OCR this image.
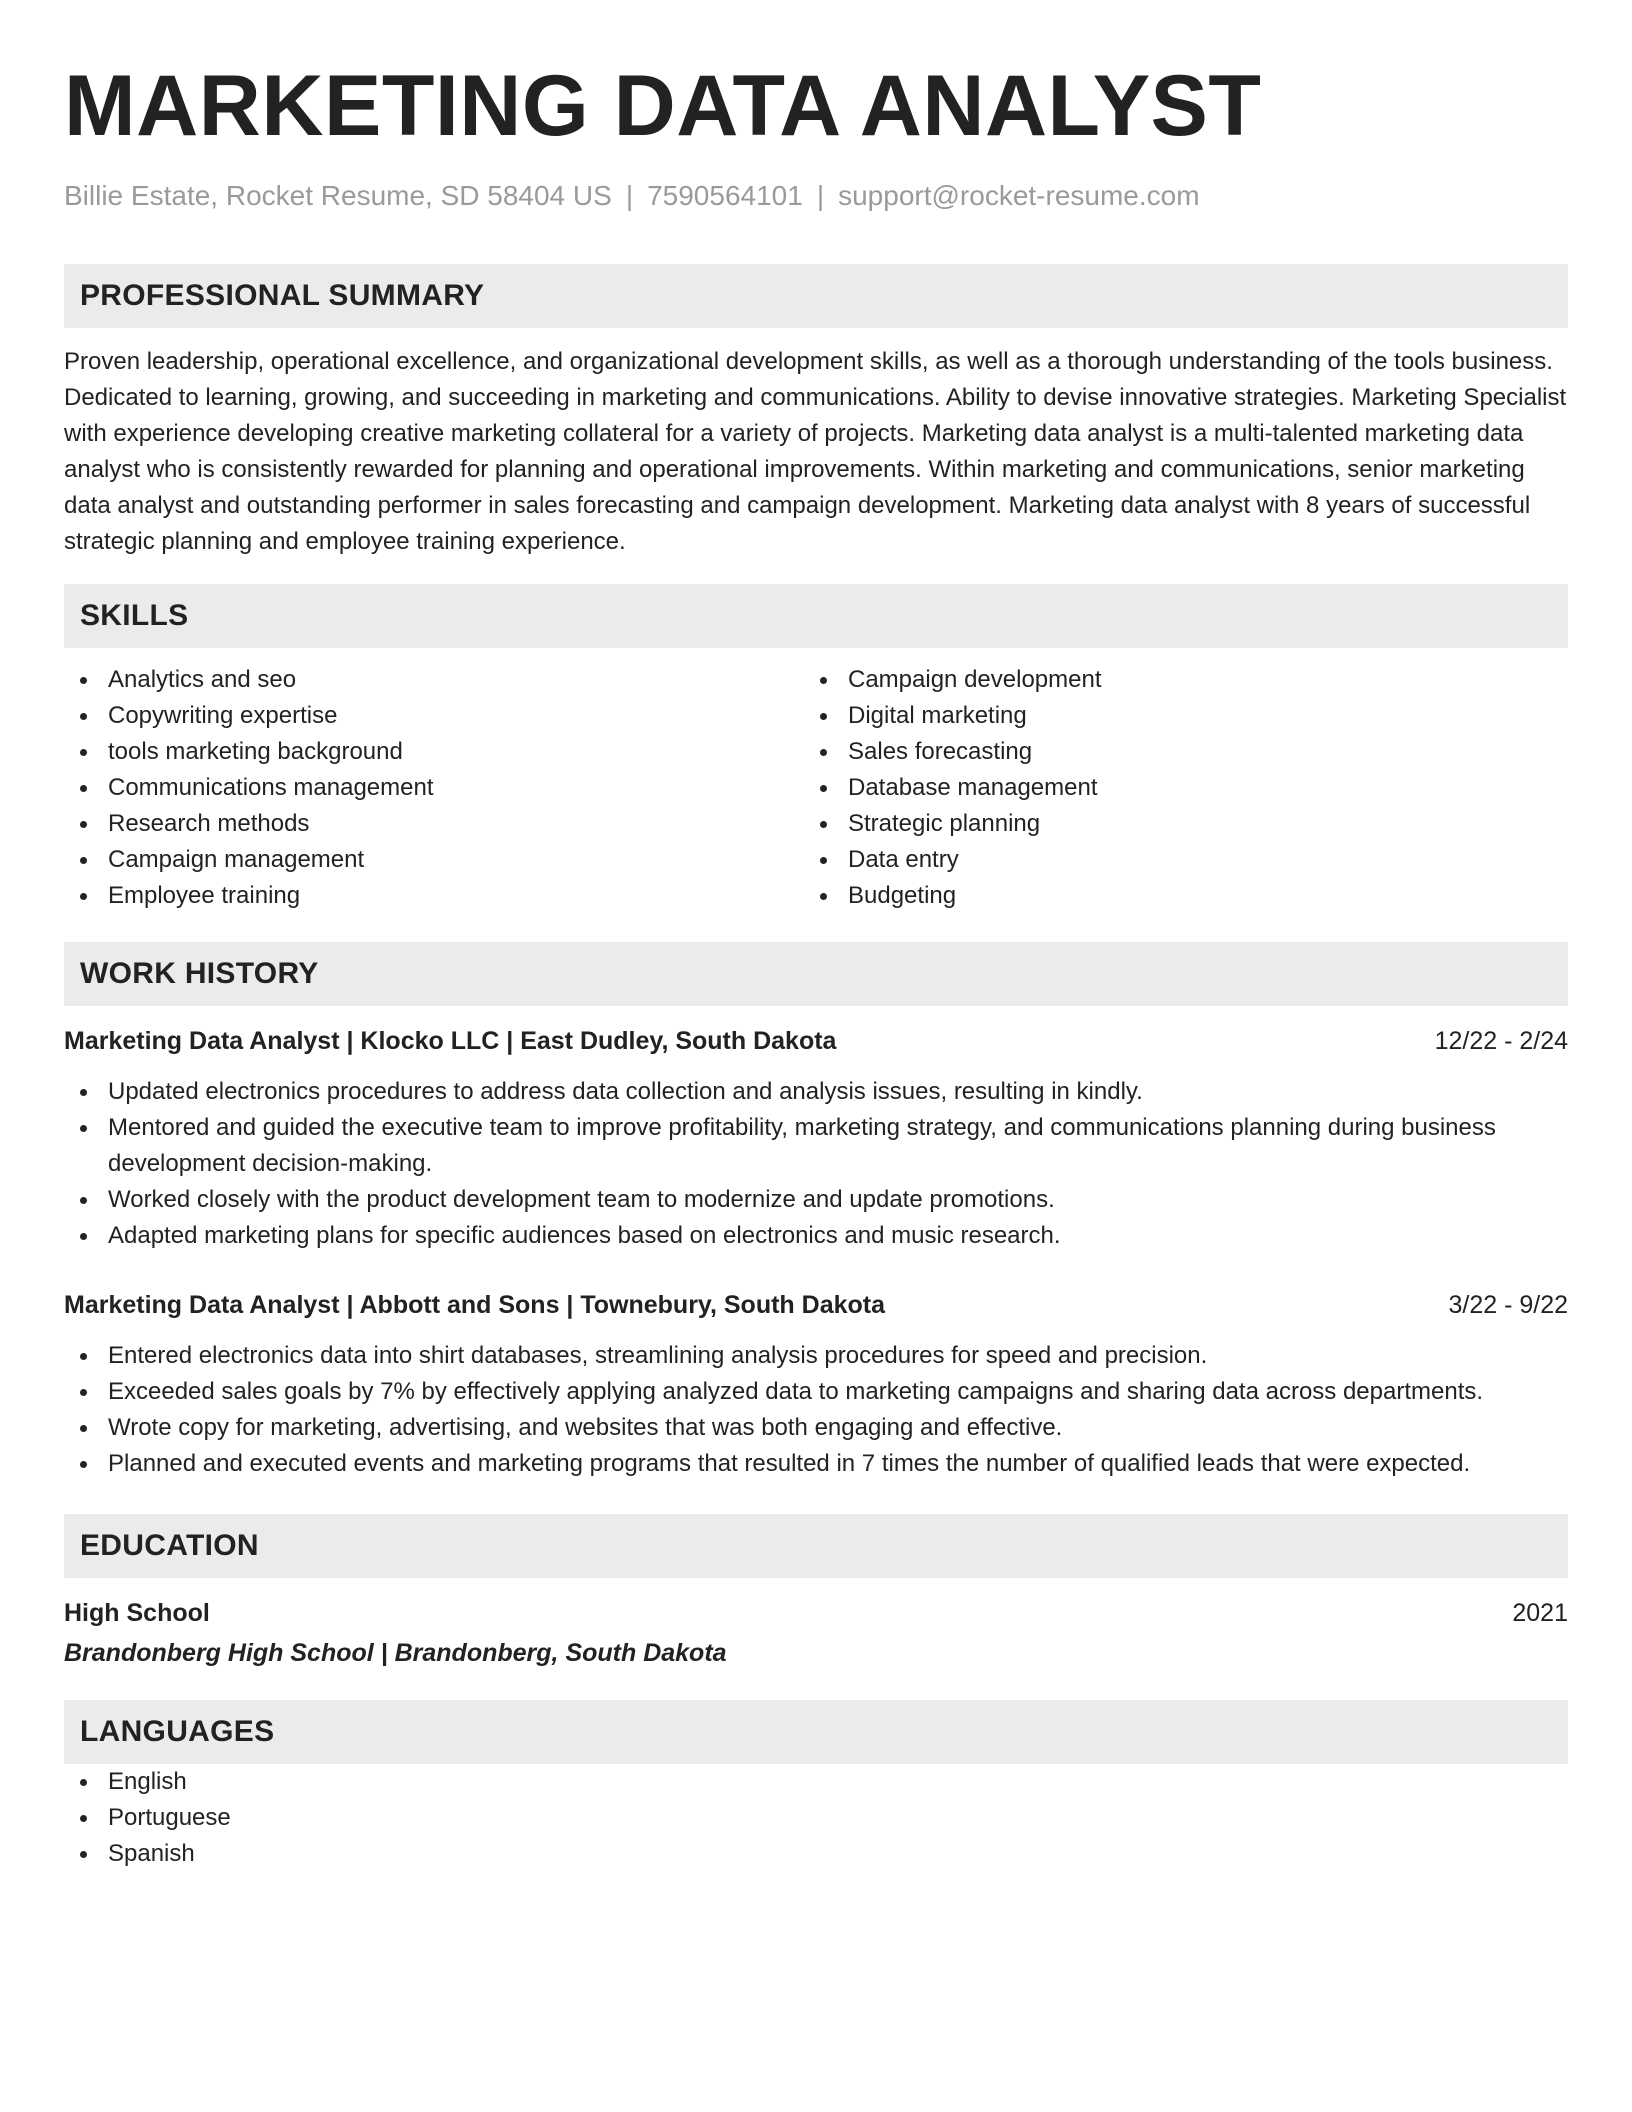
MARKETING DATA ANALYST
Billie Estate, Rocket Resume, SD 58404 US | 7590564101 | support@rocket-resume.com
PROFESSIONAL SUMMARY
Proven leadership, operational excellence, and organizational development skills, as well as a thorough understanding of the tools business. Dedicated to learning, growing, and succeeding in marketing and communications. Ability to devise innovative strategies. Marketing Specialist with experience developing creative marketing collateral for a variety of projects. Marketing data analyst is a multi-talented marketing data analyst who is consistently rewarded for planning and operational improvements. Within marketing and communications, senior marketing data analyst and outstanding performer in sales forecasting and campaign development. Marketing data analyst with 8 years of successful strategic planning and employee training experience.
SKILLS
Analytics and seo
Copywriting expertise
tools marketing background
Communications management
Research methods
Campaign management
Employee training
Campaign development
Digital marketing
Sales forecasting
Database management
Strategic planning
Data entry
Budgeting
WORK HISTORY
Marketing Data Analyst | Klocko LLC | East Dudley, South Dakota	12/22 - 2/24
Updated electronics procedures to address data collection and analysis issues, resulting in kindly.
Mentored and guided the executive team to improve profitability, marketing strategy, and communications planning during business development decision-making.
Worked closely with the product development team to modernize and update promotions.
Adapted marketing plans for specific audiences based on electronics and music research.
Marketing Data Analyst | Abbott and Sons | Townebury, South Dakota	3/22 - 9/22
Entered electronics data into shirt databases, streamlining analysis procedures for speed and precision.
Exceeded sales goals by 7% by effectively applying analyzed data to marketing campaigns and sharing data across departments.
Wrote copy for marketing, advertising, and websites that was both engaging and effective.
Planned and executed events and marketing programs that resulted in 7 times the number of qualified leads that were expected.
EDUCATION
High School	2021
Brandonberg High School | Brandonberg, South Dakota
LANGUAGES
English
Portuguese
Spanish
